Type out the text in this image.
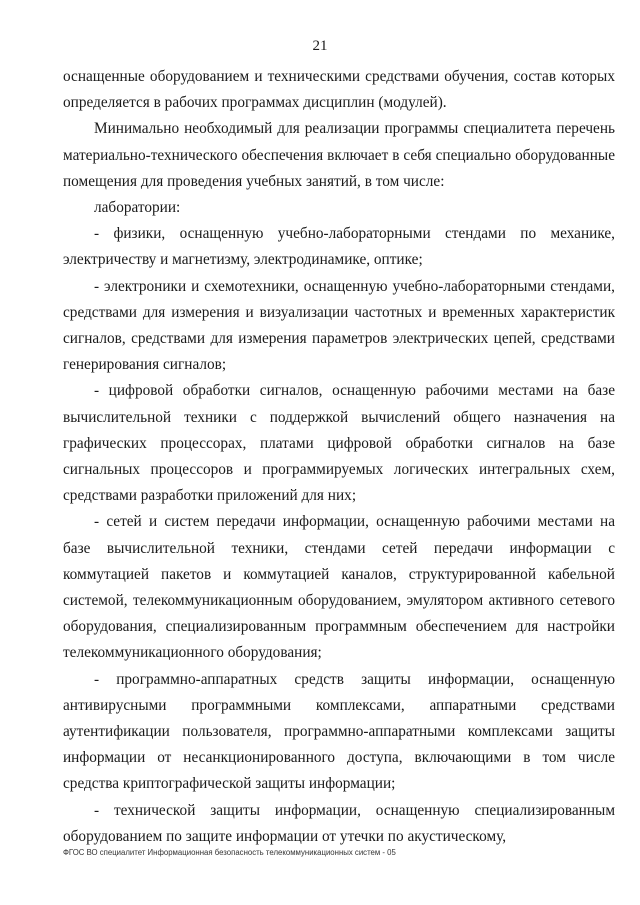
21

оснащенные оборудованием и техническими средствами обучения, состав которых определяется в рабочих программах дисциплин (модулей).

Минимально необходимый для реализации программы специалитета перечень материально-технического обеспечения включает в себя специально оборудованные помещения для проведения учебных занятий, в том числе:

лаборатории:

- физики, оснащенную учебно-лабораторными стендами по механике, электричеству и магнетизму, электродинамике, оптике;

- электроники и схемотехники, оснащенную учебно-лабораторными стендами, средствами для измерения и визуализации частотных и временных характеристик сигналов, средствами для измерения параметров электрических цепей, средствами генерирования сигналов;

- цифровой обработки сигналов, оснащенную рабочими местами на базе вычислительной техники с поддержкой вычислений общего назначения на графических процессорах, платами цифровой обработки сигналов на базе сигнальных процессоров и программируемых логических интегральных схем, средствами разработки приложений для них;

- сетей и систем передачи информации, оснащенную рабочими местами на базе вычислительной техники, стендами сетей передачи информации с коммутацией пакетов и коммутацией каналов, структурированной кабельной системой, телекоммуникационным оборудованием, эмулятором активного сетевого оборудования, специализированным программным обеспечением для настройки телекоммуникационного оборудования;

- программно-аппаратных средств защиты информации, оснащенную антивирусными программными комплексами, аппаратными средствами аутентификации пользователя, программно-аппаратными комплексами защиты информации от несанкционированного доступа, включающими в том числе средства криптографической защиты информации;

- технической защиты информации, оснащенную специализированным оборудованием по защите информации от утечки по акустическому,

ФГОС ВО специалитет Информационная безопасность телекоммуникационных систем - 05
